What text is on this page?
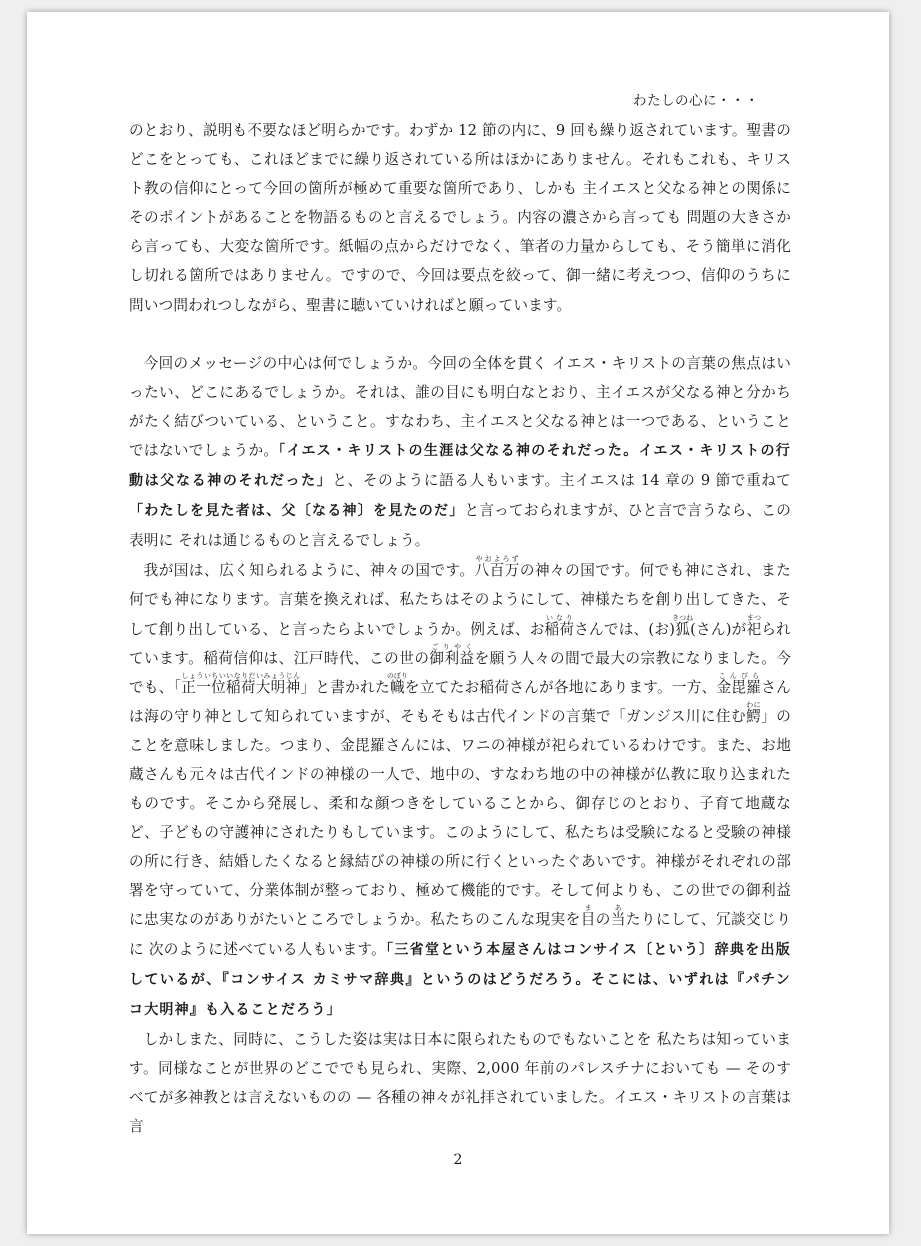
わたしの心に・・・

のとおり、説明も不要なほど明らかです。わずか 12 節の内に、9 回も繰り返されています。聖書のどこをとっても、これほどまでに繰り返されている所はほかにありません。それもこれも、キリスト教の信仰にとって今回の箇所が極めて重要な箇所であり、しかも 主イエスと父なる神との関係にそのポイントがあることを物語るものと言えるでしょう。内容の濃さから言っても 問題の大きさから言っても、大変な箇所です。紙幅の点からだけでなく、筆者の力量からしても、そう簡単に消化し切れる箇所ではありません。ですので、今回は要点を絞って、御一緒に考えつつ、信仰のうちに問いつ問われつしながら、聖書に聴いていければと願っています。

今回のメッセージの中心は何でしょうか。今回の全体を貫く イエス・キリストの言葉の焦点はいったい、どこにあるでしょうか。それは、誰の目にも明白なとおり、主イエスが父なる神と分かちがたく結びついている、ということ。すなわち、主イエスと父なる神とは一つである、ということではないでしょうか。「イエス・キリストの生涯は父なる神のそれだった。イエス・キリストの行動は父なる神のそれだった」と、そのように語る人もいます。主イエスは 14 章の 9 節で重ねて「わたしを見た者は、父〔なる神〕を見たのだ」と言っておられますが、ひと言で言うなら、この表明に それは通じるものと言えるでしょう。

我が国は、広く知られるように、神々の国です。八百万やおよろずの神々の国です。何でも神にされ、また何でも神になります。言葉を換えれば、私たちはそのようにして、神様たちを創り出してきた、そして創り出している、と言ったらよいでしょうか。例えば、お稲荷いなりさんでは、(お)狐きつね(さん)が祀まつられています。稲荷信仰は、江戸時代、この世の御利益ごりやくを願う人々の間で最大の宗教になりました。今でも、「正一位稲荷大明神しょういちいいなりだいみょうじん」と書かれた幟のぼりを立てたお稲荷さんが各地にあります。一方、金毘羅こんぴらさんは海の守り神として知られていますが、そもそもは古代インドの言葉で「ガンジス川に住む鰐わに」のことを意味しました。つまり、金毘羅さんには、ワニの神様が祀られているわけです。また、お地蔵さんも元々は古代インドの神様の一人で、地中の、すなわち地の中の神様が仏教に取り込まれたものです。そこから発展し、柔和な顔つきをしていることから、御存じのとおり、子育て地蔵など、子どもの守護神にされたりもしています。このようにして、私たちは受験になると受験の神様の所に行き、結婚したくなると縁結びの神様の所に行くといったぐあいです。神様がそれぞれの部署を守っていて、分業体制が整っており、極めて機能的です。そして何よりも、この世での御利益に忠実なのがありがたいところでしょうか。私たちのこんな現実を目まの当あたりにして、冗談交じりに 次のように述べている人もいます。「三省堂という本屋さんはコンサイス〔という〕辞典を出版しているが、『コンサイス カミサマ辞典』というのはどうだろう。そこには、いずれは『パチンコ大明神』も入ることだろう」

しかしまた、同時に、こうした姿は実は日本に限られたものでもないことを 私たちは知っています。同様なことが世界のどこででも見られ、実際、2,000 年前のパレスチナにおいても — そのすべてが多神教とは言えないものの — 各種の神々が礼拝されていました。イエス・キリストの言葉は言

2
